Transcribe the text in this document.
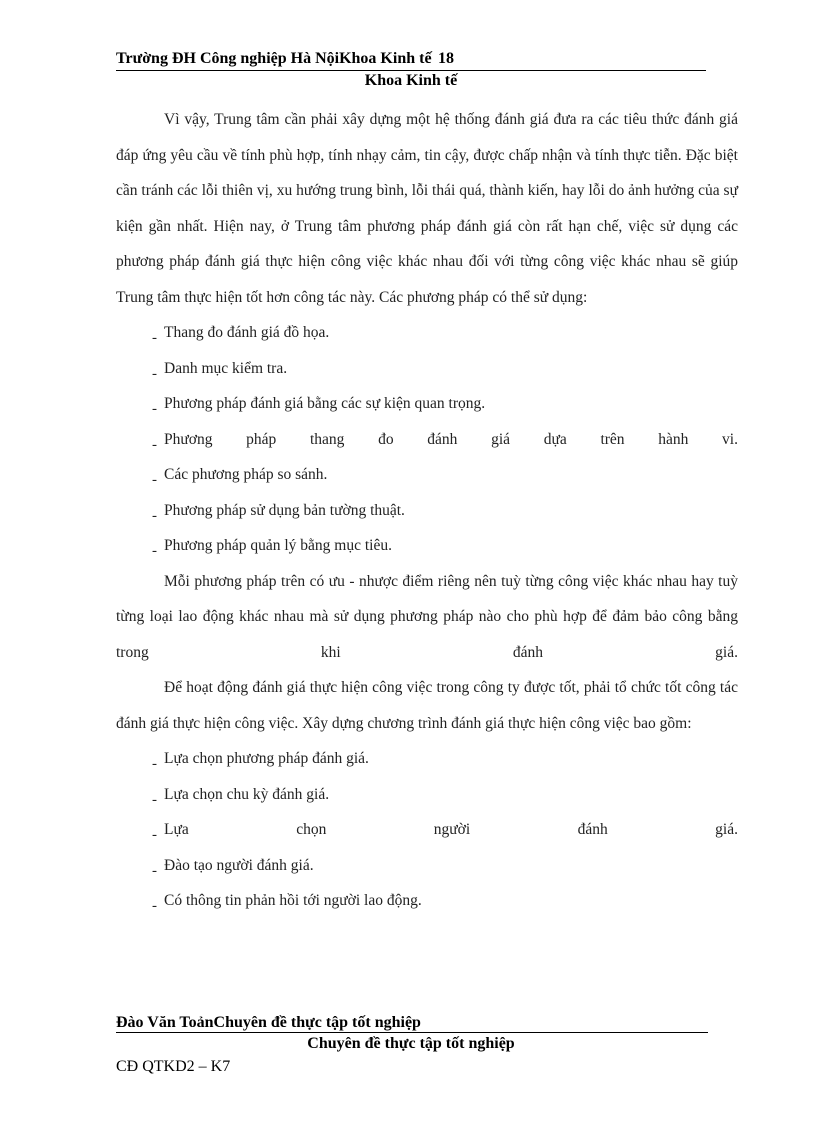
Trường ĐH Công nghiệp Hà NộiKhoa Kinh tế 18
Khoa Kinh tế

Vì vậy, Trung tâm cần phải xây dựng một hệ thống đánh giá đưa ra các tiêu thức đánh giá đáp ứng yêu cầu về tính phù hợp, tính nhạy cảm, tin cậy, được chấp nhận và tính thực tiễn. Đặc biệt cần tránh các lỗi thiên vị, xu hướng trung bình, lỗi thái quá, thành kiến, hay lỗi do ảnh hưởng của sự kiện gần nhất. Hiện nay, ở Trung tâm phương pháp đánh giá còn rất hạn chế, việc sử dụng các phương pháp đánh giá thực hiện công việc khác nhau đối với từng công việc khác nhau sẽ giúp Trung tâm thực hiện tốt hơn công tác này. Các phương pháp có thể sử dụng:

- Thang đo đánh giá đồ họa.
- Danh mục kiểm tra.
- Phương pháp đánh giá bằng các sự kiện quan trọng.
- Phương pháp thang đo đánh giá dựa trên hành vi.
- Các phương pháp so sánh.
- Phương pháp sử dụng bản tường thuật.
- Phương pháp quản lý bằng mục tiêu.

Mỗi phương pháp trên có ưu - nhược điểm riêng nên tuỳ từng công việc khác nhau hay tuỳ từng loại lao động khác nhau mà sử dụng phương pháp nào cho phù hợp để đảm bảo công bằng trong khi đánh giá.

Để hoạt động đánh giá thực hiện công việc trong công ty được tốt, phải tổ chức tốt công tác đánh giá thực hiện công việc. Xây dựng chương trình đánh giá thực hiện công việc bao gồm:

- Lựa chọn phương pháp đánh giá.
- Lựa chọn chu kỳ đánh giá.
- Lựa chọn người đánh giá.
- Đào tạo người đánh giá.
- Có thông tin phản hồi tới người lao động.
Đào Văn ToảnChuyên đề thực tập tốt nghiệp
Chuyên đề thực tập tốt nghiệp
CĐ QTKD2 – K7
